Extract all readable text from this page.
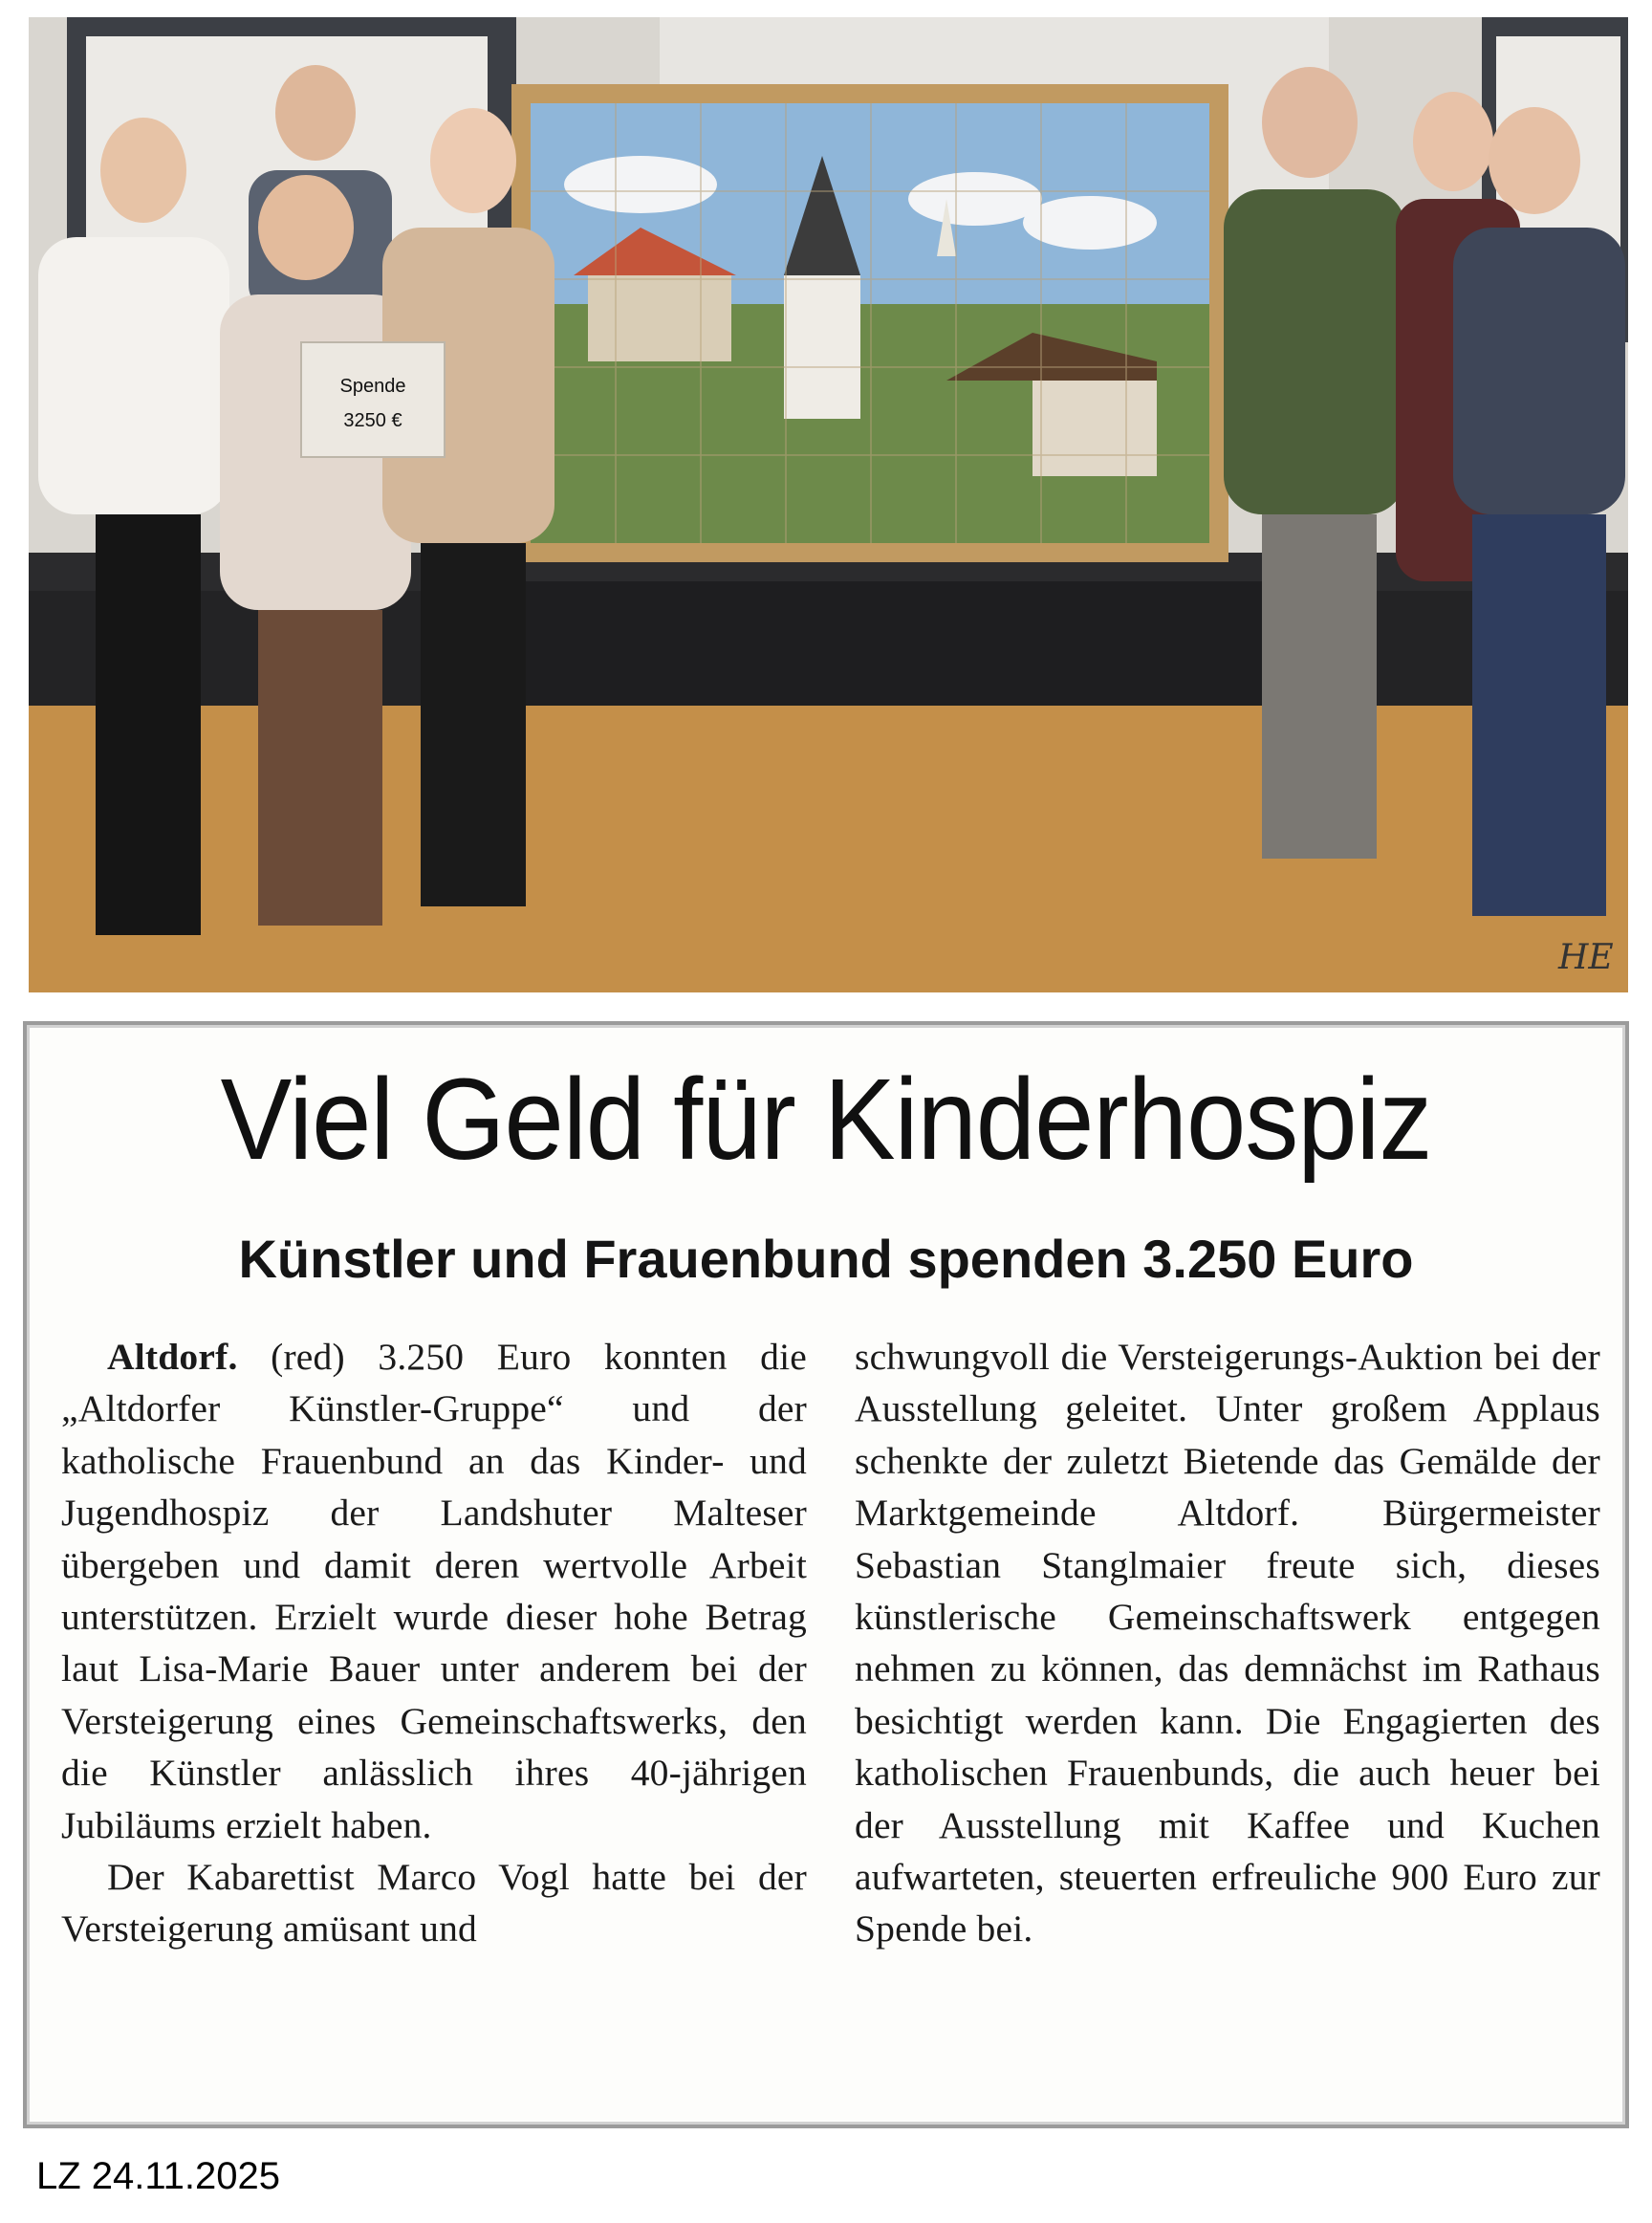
Spende
3250 €
HE
Viel Geld für Kinderhospiz
Künstler und Frauenbund spenden 3.250 Euro

Altdorf. (red) 3.250 Euro konnten die „Altdorfer Künstler-Gruppe“ und der katholische Frauenbund an das Kinder- und Jugendhospiz der Landshuter Malteser übergeben und damit deren wertvolle Arbeit unterstützen. Erzielt wurde dieser hohe Betrag laut Lisa-Marie Bauer unter anderem bei der Versteigerung eines Gemeinschaftswerks, den die Künstler anlässlich ihres 40-jährigen Jubiläums erzielt haben.

Der Kabarettist Marco Vogl hatte bei der Versteigerung amüsant und

schwungvoll die Versteigerungs-Auktion bei der Ausstellung geleitet. Unter großem Applaus schenkte der zuletzt Bietende das Gemälde der Marktgemeinde Altdorf. Bürgermeister Sebastian Stanglmaier freute sich, dieses künstlerische Gemeinschaftswerk entgegen nehmen zu können, das demnächst im Rathaus besichtigt werden kann. Die Engagierten des katholischen Frauenbunds, die auch heuer bei der Ausstellung mit Kaffee und Kuchen aufwarteten, steuerten erfreuliche 900 Euro zur Spende bei.

LZ 24.11.2025
